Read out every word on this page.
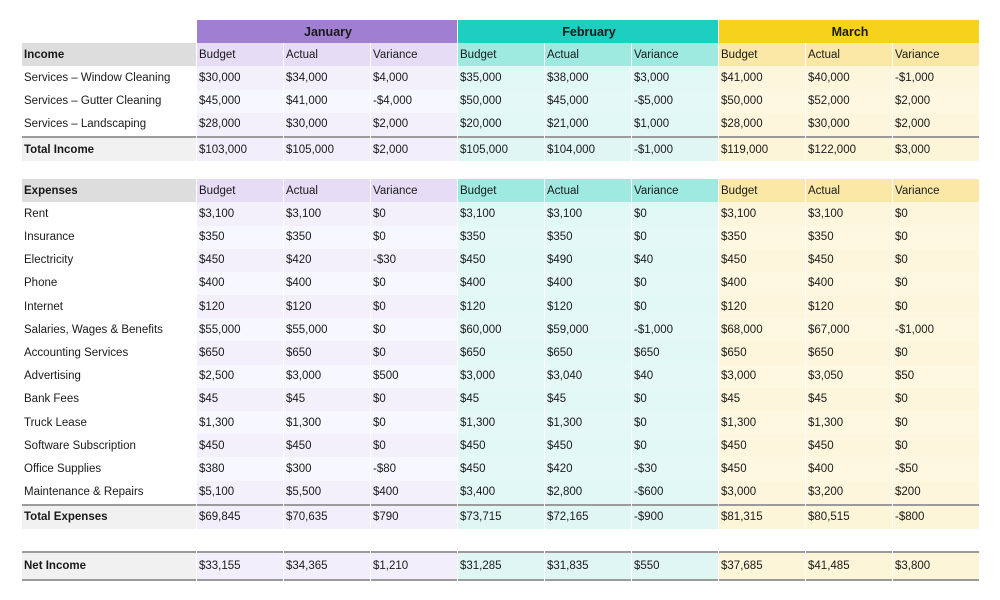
	January			February			March		
Income	Budget	Actual	Variance	Budget	Actual	Variance	Budget	Actual	Variance
Services – Window Cleaning	$30,000	$34,000	$4,000	$35,000	$38,000	$3,000	$41,000	$40,000	-$1,000
Services – Gutter Cleaning	$45,000	$41,000	-$4,000	$50,000	$45,000	-$5,000	$50,000	$52,000	$2,000
Services – Landscaping	$28,000	$30,000	$2,000	$20,000	$21,000	$1,000	$28,000	$30,000	$2,000
Total Income	$103,000	$105,000	$2,000	$105,000	$104,000	-$1,000	$119,000	$122,000	$3,000

Expenses	Budget	Actual	Variance	Budget	Actual	Variance	Budget	Actual	Variance
Rent	$3,100	$3,100	$0	$3,100	$3,100	$0	$3,100	$3,100	$0
Insurance	$350	$350	$0	$350	$350	$0	$350	$350	$0
Electricity	$450	$420	-$30	$450	$490	$40	$450	$450	$0
Phone	$400	$400	$0	$400	$400	$0	$400	$400	$0
Internet	$120	$120	$0	$120	$120	$0	$120	$120	$0
Salaries, Wages & Benefits	$55,000	$55,000	$0	$60,000	$59,000	-$1,000	$68,000	$67,000	-$1,000
Accounting Services	$650	$650	$0	$650	$650	$650	$650	$650	$0
Advertising	$2,500	$3,000	$500	$3,000	$3,040	$40	$3,000	$3,050	$50
Bank Fees	$45	$45	$0	$45	$45	$0	$45	$45	$0
Truck Lease	$1,300	$1,300	$0	$1,300	$1,300	$0	$1,300	$1,300	$0
Software Subscription	$450	$450	$0	$450	$450	$0	$450	$450	$0
Office Supplies	$380	$300	-$80	$450	$420	-$30	$450	$400	-$50
Maintenance & Repairs	$5,100	$5,500	$400	$3,400	$2,800	-$600	$3,000	$3,200	$200
Total Expenses	$69,845	$70,635	$790	$73,715	$72,165	-$900	$81,315	$80,515	-$800

Net Income	$33,155	$34,365	$1,210	$31,285	$31,835	$550	$37,685	$41,485	$3,800
